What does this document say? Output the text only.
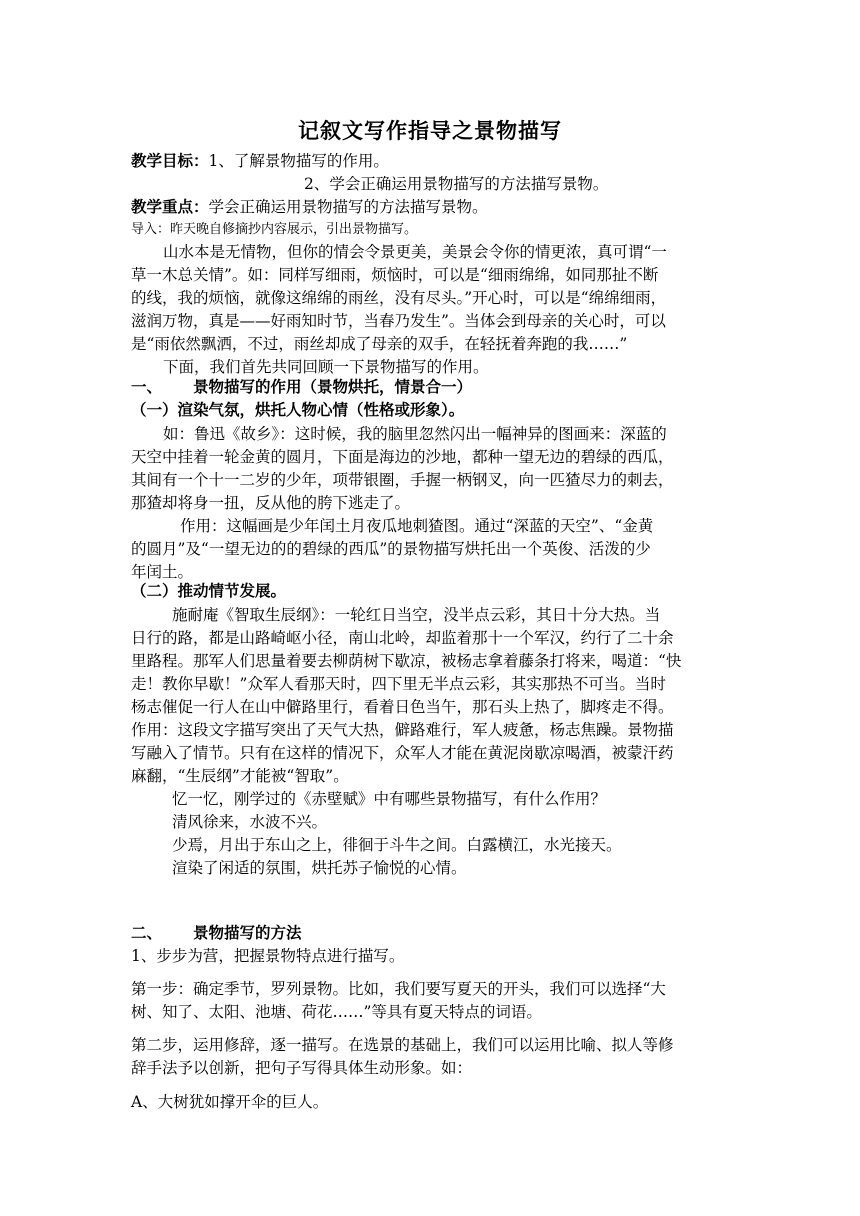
记叙文写作指导之景物描写
教学目标：1、了解景物描写的作用。
2、学会正确运用景物描写的方法描写景物。
教学重点：学会正确运用景物描写的方法描写景物。
导入：昨天晚自修摘抄内容展示，引出景物描写。
山水本是无情物，但你的情会令景更美，美景会令你的情更浓，真可谓“一
草一木总关情”。如：同样写细雨，烦恼时，可以是“细雨绵绵，如同那扯不断
的线，我的烦恼，就像这绵绵的雨丝，没有尽头。”开心时，可以是“绵绵细雨，
滋润万物，真是——好雨知时节，当春乃发生”。当体会到母亲的关心时，可以
是“雨依然飘洒，不过，雨丝却成了母亲的双手，在轻抚着奔跑的我……”
下面，我们首先共同回顾一下景物描写的作用。
一、 景物描写的作用（景物烘托，情景合一）
（一）渲染气氛，烘托人物心情（性格或形象）。
如：鲁迅《故乡》：这时候，我的脑里忽然闪出一幅神异的图画来：深蓝的
天空中挂着一轮金黄的圆月，下面是海边的沙地，都种一望无边的碧绿的西瓜，
其间有一个十一二岁的少年，项带银圈，手握一柄钢叉，向一匹猹尽力的刺去，
那猹却将身一扭，反从他的胯下逃走了。
作用：这幅画是少年闰土月夜瓜地刺猹图。通过“深蓝的天空”、“金黄
的圆月”及“一望无边的的碧绿的西瓜”的景物描写烘托出一个英俊、活泼的少
年闰土。
（二）推动情节发展。
施耐庵《智取生辰纲》：一轮红日当空，没半点云彩，其日十分大热。当
日行的路，都是山路崎岖小径，南山北岭，却监着那十一个军汉，约行了二十余
里路程。那军人们思量着要去柳荫树下歇凉，被杨志拿着藤条打将来，喝道：“快
走！教你早歇！”众军人看那天时，四下里无半点云彩，其实那热不可当。当时
杨志催促一行人在山中僻路里行，看着日色当午，那石头上热了，脚疼走不得。
作用：这段文字描写突出了天气大热，僻路难行，军人疲惫，杨志焦躁。景物描
写融入了情节。只有在这样的情况下，众军人才能在黄泥岗歇凉喝酒，被蒙汗药
麻翻，“生辰纲”才能被“智取”。
忆一忆，刚学过的《赤壁赋》中有哪些景物描写，有什么作用？
清风徐来，水波不兴。
少焉，月出于东山之上，徘徊于斗牛之间。白露横江，水光接天。
渲染了闲适的氛围，烘托苏子愉悦的心情。
二、 景物描写的方法
1、步步为营，把握景物特点进行描写。
第一步：确定季节，罗列景物。比如，我们要写夏天的开头，我们可以选择“大
树、知了、太阳、池塘、荷花……”等具有夏天特点的词语。
第二步，运用修辞，逐一描写。在选景的基础上，我们可以运用比喻、拟人等修
辞手法予以创新，把句子写得具体生动形象。如：
A、大树犹如撑开伞的巨人。
